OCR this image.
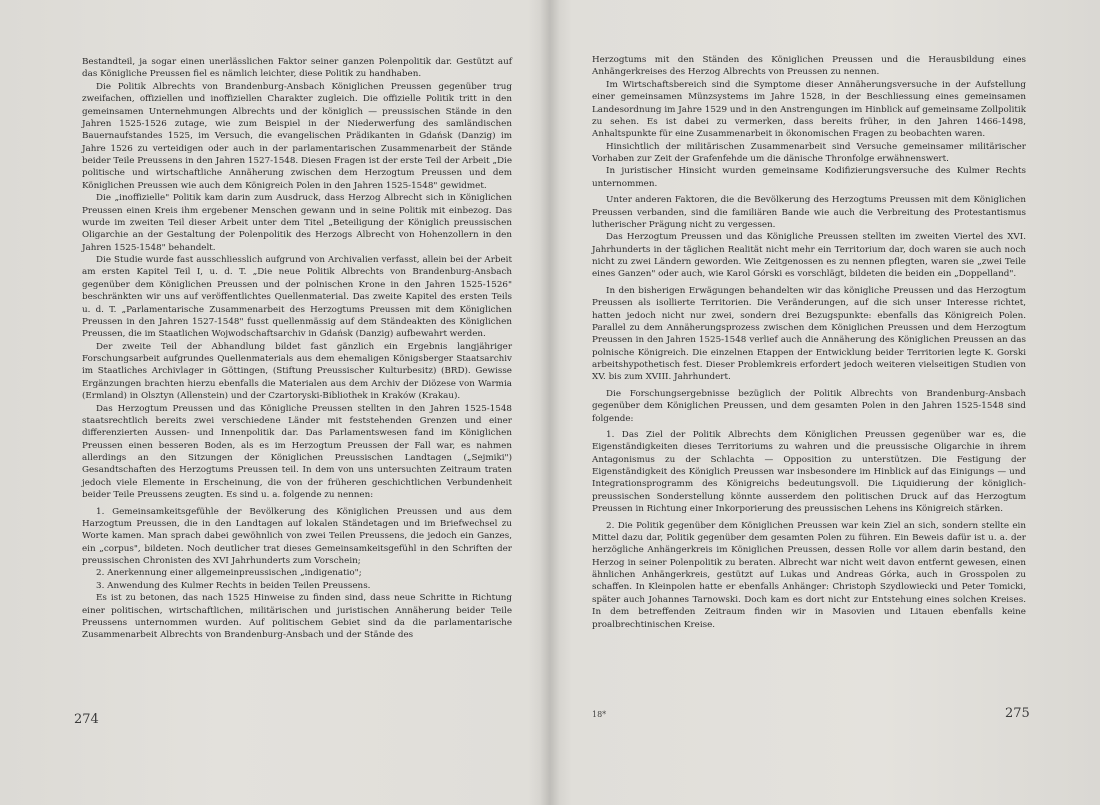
Bestandteil, ja sogar einen unerlässlichen Faktor seiner ganzen Polenpolitik dar. Gestützt auf das Königliche Preussen fiel es nämlich leichter, diese Politik zu handhaben.

Die Politik Albrechts von Brandenburg-Ansbach Königlichen Preussen gegenüber trug zweifachen, offiziellen und inoffiziellen Charakter zugleich. Die offizielle Politik tritt in den gemeinsamen Unternehmungen Albrechts und der königlich — preussischen Stände in den Jahren 1525-1526 zutage, wie zum Beispiel in der Niederwerfung des samländischen Bauernaufstandes 1525, im Versuch, die evangelischen Prädikanten in Gdańsk (Danzig) im Jahre 1526 zu verteidigen oder auch in der parlamentarischen Zusammenarbeit der Stände beider Teile Preussens in den Jahren 1527-1548. Diesen Fragen ist der erste Teil der Arbeit „Die politische und wirtschaftliche Annäherung zwischen dem Herzogtum Preussen und dem Königlichen Preussen wie auch dem Königreich Polen in den Jahren 1525-1548" gewidmet.

Die „inoffizielle" Politik kam darin zum Ausdruck, dass Herzog Albrecht sich in Königlichen Preussen einen Kreis ihm ergebener Menschen gewann und in seine Politik mit einbezog. Das wurde im zweiten Teil dieser Arbeit unter dem Titel „Beteiligung der Königlich preussischen Oligarchie an der Gestaltung der Polenpolitik des Herzogs Albrecht von Hohenzollern in den Jahren 1525-1548" behandelt.

Die Studie wurde fast ausschliesslich aufgrund von Archivalien verfasst, allein bei der Arbeit am ersten Kapitel Teil I, u. d. T. „Die neue Politik Albrechts von Brandenburg-Ansbach gegenüber dem Königlichen Preussen und der polnischen Krone in den Jahren 1525-1526" beschränkten wir uns auf veröffentlichtes Quellenmaterial. Das zweite Kapitel des ersten Teils u. d. T. „Parlamentarische Zusammenarbeit des Herzogtums Preussen mit dem Königlichen Preussen in den Jahren 1527-1548" fusst quellenmässig auf dem Ständeakten des Königlichen Preussen, die im Staatlichen Wojwodschaftsarchiv in Gdańsk (Danzig) aufbewahrt werden.

Der zweite Teil der Abhandlung bildet fast gänzlich ein Ergebnis langjähriger Forschungsarbeit aufgrundes Quellenmaterials aus dem ehemaligen Königsberger Staatsarchiv im Staatliches Archivlager in Göttingen, (Stiftung Preussischer Kulturbesitz) (BRD). Gewisse Ergänzungen brachten hierzu ebenfalls die Materialen aus dem Archiv der Diözese von Warmia (Ermland) in Olsztyn (Allenstein) und der Czartoryski-Bibliothek in Kraków (Krakau).

Das Herzogtum Preussen und das Königliche Preussen stellten in den Jahren 1525-1548 staatsrechtlich bereits zwei verschiedene Länder mit feststehenden Grenzen und einer differenzierten Aussen- und Innenpolitik dar. Das Parlamentswesen fand im Königlichen Preussen einen besseren Boden, als es im Herzogtum Preussen der Fall war, es nahmen allerdings an den Sitzungen der Königlichen Preussischen Landtagen („Sejmiki") Gesandtschaften des Herzogtums Preussen teil. In dem von uns untersuchten Zeitraum traten jedoch viele Elemente in Erscheinung, die von der früheren geschichtlichen Verbundenheit beider Teile Preussens zeugten. Es sind u. a. folgende zu nennen:

1. Gemeinsamkeitsgefühle der Bevölkerung des Königlichen Preussen und aus dem Harzogtum Preussen, die in den Landtagen auf lokalen Ständetagen und im Briefwechsel zu Worte kamen. Man sprach dabei gewöhnlich von zwei Teilen Preussens, die jedoch ein Ganzes, ein „corpus", bildeten. Noch deutlicher trat dieses Gemeinsamkeitsgefühl in den Schriften der preussischen Chronisten des XVI Jahrhunderts zum Vorschein;

2. Anerkennung einer allgemeinpreussischen „indigenatio";

3. Anwendung des Kulmer Rechts in beiden Teilen Preussens.

Es ist zu betonen, das nach 1525 Hinweise zu finden sind, dass neue Schritte in Richtung einer politischen, wirtschaftlichen, militärischen und juristischen Annäherung beider Teile Preussens unternommen wurden. Auf politischem Gebiet sind da die parlamentarische Zusammenarbeit Albrechts von Brandenburg-Ansbach und der Stände des

274

Herzogtums mit den Ständen des Königlichen Preussen und die Herausbildung eines Anhängerkreises des Herzog Albrechts von Preussen zu nennen.

Im Wirtschaftsbereich sind die Symptome dieser Annäherungsversuche in der Aufstellung einer gemeinsamen Münzsystems im Jahre 1528, in der Beschliessung eines gemeinsamen Landesordnung im Jahre 1529 und in den Anstrengungen im Hinblick auf gemeinsame Zollpolitik zu sehen. Es ist dabei zu vermerken, dass bereits früher, in den Jahren 1466-1498, Anhaltspunkte für eine Zusammenarbeit in ökonomischen Fragen zu beobachten waren.

Hinsichtlich der militärischen Zusammenarbeit sind Versuche gemeinsamer militärischer Vorhaben zur Zeit der Grafenfehde um die dänische Thronfolge erwähnenswert.

In juristischer Hinsicht wurden gemeinsame Kodifizierungsversuche des Kulmer Rechts unternommen.

Unter anderen Faktoren, die die Bevölkerung des Herzogtums Preussen mit dem Königlichen Preussen verbanden, sind die familiären Bande wie auch die Verbreitung des Protestantismus lutherischer Prägung nicht zu vergessen.

Das Herzogtum Preussen und das Königliche Preussen stellten im zweiten Viertel des XVI. Jahrhunderts in der täglichen Realität nicht mehr ein Territorium dar, doch waren sie auch noch nicht zu zwei Ländern geworden. Wie Zeitgenossen es zu nennen pflegten, waren sie „zwei Teile eines Ganzen" oder auch, wie Karol Górski es vorschlägt, bildeten die beiden ein „Doppelland".

In den bisherigen Erwägungen behandelten wir das königliche Preussen und das Herzogtum Preussen als isollierte Territorien. Die Veränderungen, auf die sich unser Interesse richtet, hatten jedoch nicht nur zwei, sondern drei Bezugspunkte: ebenfalls das Königreich Polen. Parallel zu dem Annäherungsprozess zwischen dem Königlichen Preussen und dem Herzogtum Preussen in den Jahren 1525-1548 verlief auch die Annäherung des Königlichen Preussen an das polnische Königreich. Die einzelnen Etappen der Entwicklung beider Territorien legte K. Gorski arbeitshypothetisch fest. Dieser Problemkreis erfordert jedoch weiteren vielseitigen Studien von XV. bis zum XVIII. Jahrhundert.

Die Forschungsergebnisse bezüglich der Politik Albrechts von Brandenburg-Ansbach gegenüber dem Königlichen Preussen, und dem gesamten Polen in den Jahren 1525-1548 sind folgende:

1. Das Ziel der Politik Albrechts dem Königlichen Preussen gegenüber war es, die Eigenständigkeiten dieses Territoriums zu wahren und die preussische Oligarchie in ihrem Antagonismus zu der Schlachta — Opposition zu unterstützen. Die Festigung der Eigenständigkeit des Königlich Preussen war insbesondere im Hinblick auf das Einigungs — und Integrationsprogramm des Königreichs bedeutungsvoll. Die Liquidierung der königlich-preussischen Sonderstellung könnte ausserdem den politischen Druck auf das Herzogtum Preussen in Richtung einer Inkorporierung des preussischen Lehens ins Königreich stärken.

2. Die Politik gegenüber dem Königlichen Preussen war kein Ziel an sich, sondern stellte ein Mittel dazu dar, Politik gegenüber dem gesamten Polen zu führen. Ein Beweis dafür ist u. a. der herzögliche Anhängerkreis im Königlichen Preussen, dessen Rolle vor allem darin bestand, den Herzog in seiner Polenpolitik zu beraten. Albrecht war nicht weit davon entfernt gewesen, einen ähnlichen Anhängerkreis, gestützt auf Lukas und Andreas Górka, auch in Grosspolen zu schaffen. In Kleinpolen hatte er ebenfalls Anhänger: Christoph Szydlowiecki und Peter Tomicki, später auch Johannes Tarnowski. Doch kam es dort nicht zur Entstehung eines solchen Kreises. In dem betreffenden Zeitraum finden wir in Masovien und Litauen ebenfalls keine proalbrechtinischen Kreise.

18*	275
